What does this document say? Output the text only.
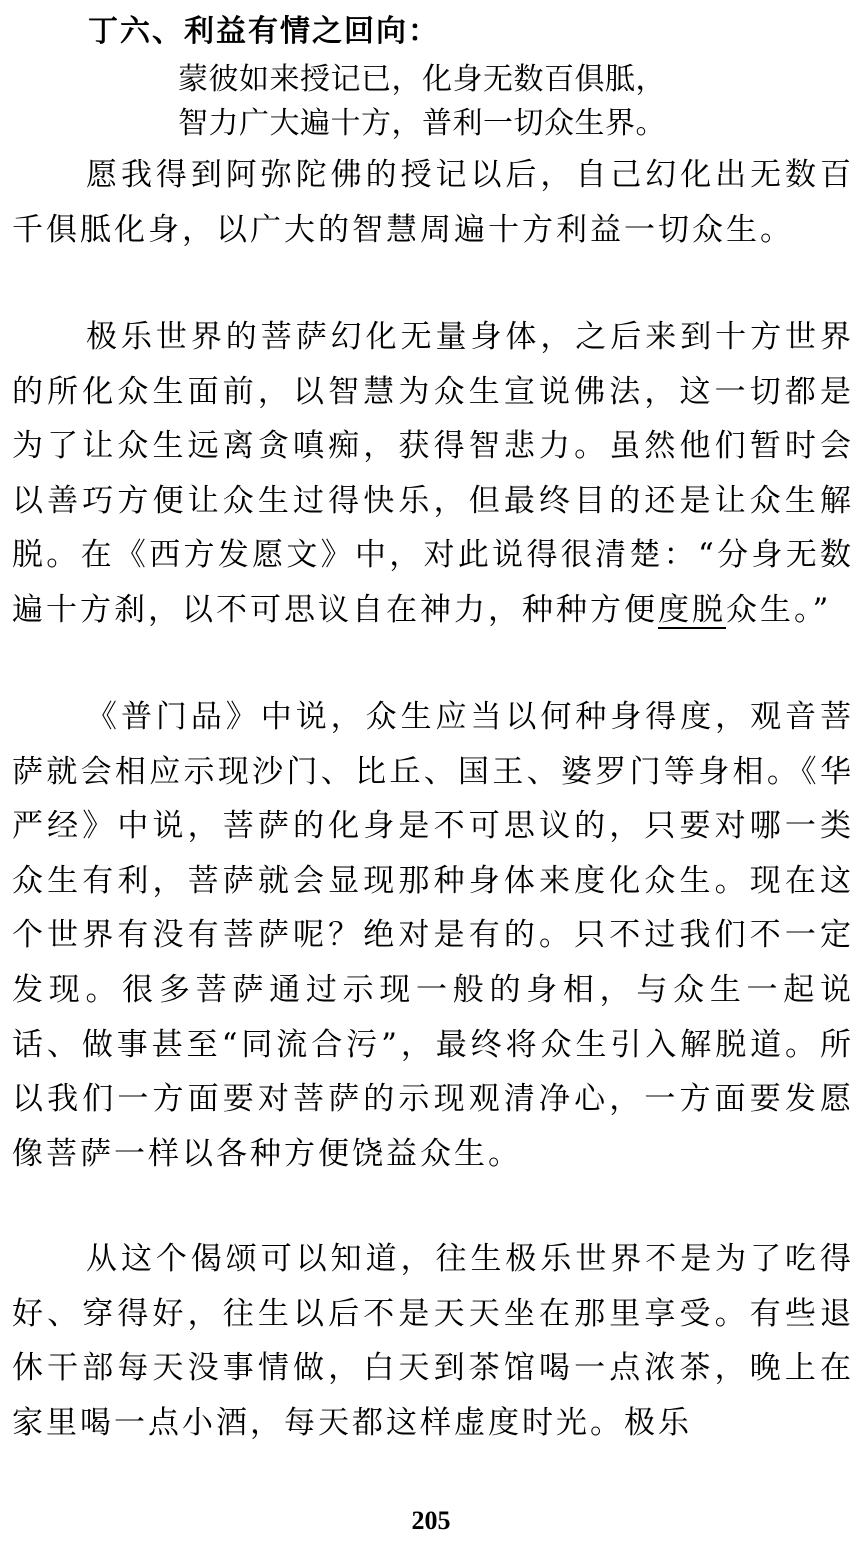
丁六、利益有情之回向：
蒙彼如来授记已，化身无数百俱胝，
智力广大遍十方，普利一切众生界。

愿我得到阿弥陀佛的授记以后，自己幻化出无数百千俱胝化身，以广大的智慧周遍十方利益一切众生。

极乐世界的菩萨幻化无量身体，之后来到十方世界的所化众生面前，以智慧为众生宣说佛法，这一切都是为了让众生远离贪嗔痴，获得智悲力。虽然他们暂时会以善巧方便让众生过得快乐，但最终目的还是让众生解脱。在《西方发愿文》中，对此说得很清楚：“分身无数遍十方刹，以不可思议自在神力，种种方便度脱众生。”

《普门品》中说，众生应当以何种身得度，观音菩萨就会相应示现沙门、比丘、国王、婆罗门等身相。《华严经》中说，菩萨的化身是不可思议的，只要对哪一类众生有利，菩萨就会显现那种身体来度化众生。现在这个世界有没有菩萨呢？绝对是有的。只不过我们不一定发现。很多菩萨通过示现一般的身相，与众生一起说话、做事甚至“同流合污”，最终将众生引入解脱道。所以我们一方面要对菩萨的示现观清净心，一方面要发愿像菩萨一样以各种方便饶益众生。

从这个偈颂可以知道，往生极乐世界不是为了吃得好、穿得好，往生以后不是天天坐在那里享受。有些退休干部每天没事情做，白天到茶馆喝一点浓茶，晚上在家里喝一点小酒，每天都这样虚度时光。极乐

205
